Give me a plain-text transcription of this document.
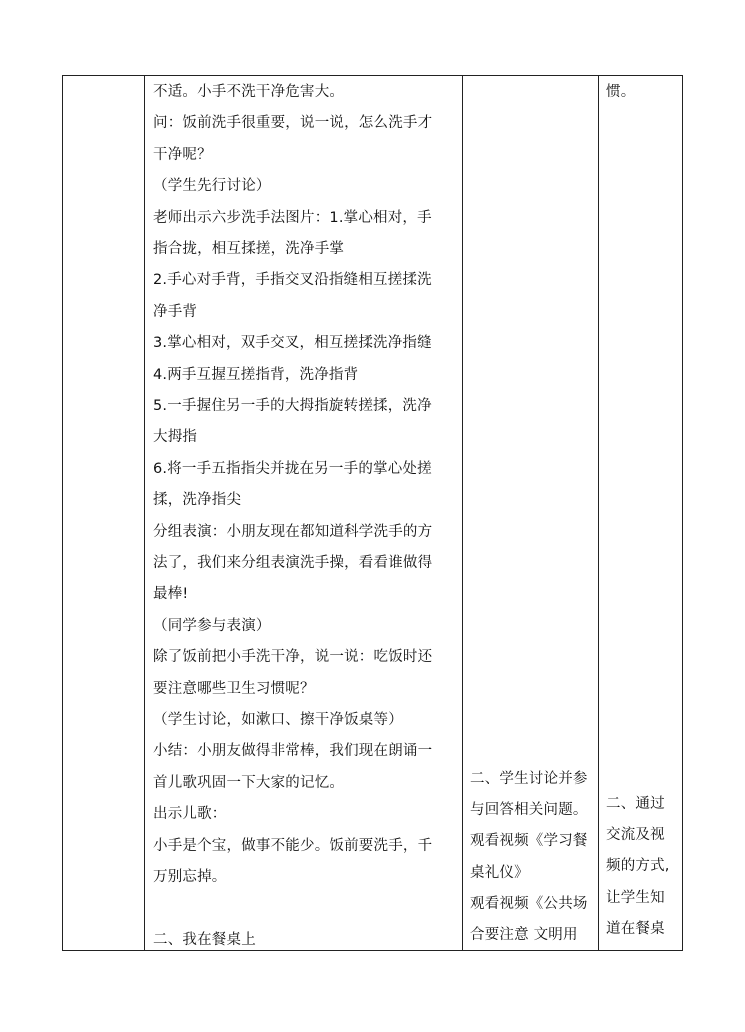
不适。小手不洗干净危害大。
问：饭前洗手很重要，说一说，怎么洗手才
干净呢？
（学生先行讨论）
老师出示六步洗手法图片：1.掌心相对，手
指合拢，相互揉搓，洗净手掌
2.手心对手背，手指交叉沿指缝相互搓揉洗
净手背
3.掌心相对，双手交叉，相互搓揉洗净指缝
4.两手互握互搓指背，洗净指背
5.一手握住另一手的大拇指旋转搓揉，洗净
大拇指
6.将一手五指指尖并拢在另一手的掌心处搓
揉，洗净指尖
分组表演：小朋友现在都知道科学洗手的方
法了，我们来分组表演洗手操，看看谁做得
最棒!
（同学参与表演）
除了饭前把小手洗干净，说一说：吃饭时还
要注意哪些卫生习惯呢？
（学生讨论，如漱口、擦干净饭桌等）
小结：小朋友做得非常棒，我们现在朗诵一
首儿歌巩固一下大家的记忆。
出示儿歌：
小手是个宝，做事不能少。饭前要洗手，千
万别忘掉。
二、我在餐桌上

二、学生讨论并参
与回答相关问题。
观看视频《学习餐
桌礼仪》
观看视频《公共场
合要注意 文明用

惯。
二、通过
交流及视
频的方式,
让学生知
道在餐桌
